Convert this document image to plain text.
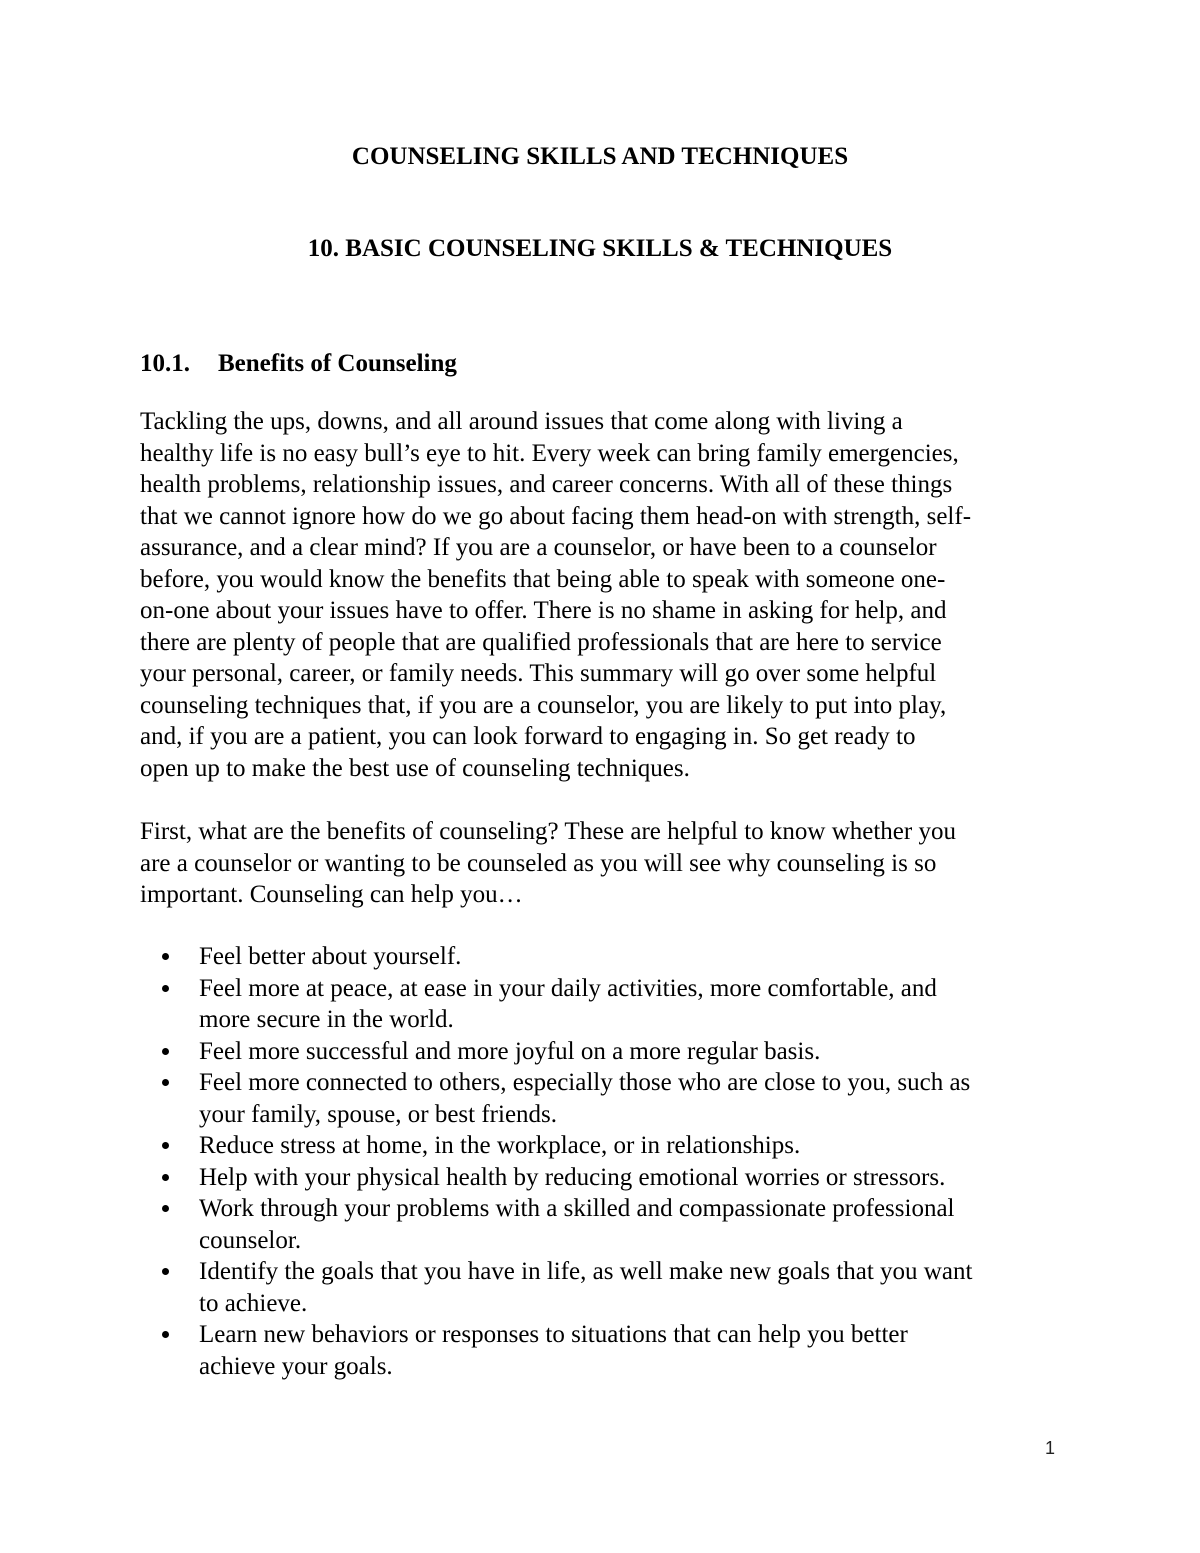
COUNSELING SKILLS AND TECHNIQUES
10. BASIC COUNSELING SKILLS & TECHNIQUES
10.1. Benefits of Counseling

Tackling the ups, downs, and all around issues that come along with living a
healthy life is no easy bull’s eye to hit. Every week can bring family emergencies,
health problems, relationship issues, and career concerns. With all of these things
that we cannot ignore how do we go about facing them head-on with strength, self-
assurance, and a clear mind? If you are a counselor, or have been to a counselor
before, you would know the benefits that being able to speak with someone one-
on-one about your issues have to offer. There is no shame in asking for help, and
there are plenty of people that are qualified professionals that are here to service
your personal, career, or family needs. This summary will go over some helpful
counseling techniques that, if you are a counselor, you are likely to put into play,
and, if you are a patient, you can look forward to engaging in. So get ready to
open up to make the best use of counseling techniques.

First, what are the benefits of counseling? These are helpful to know whether you
are a counselor or wanting to be counseled as you will see why counseling is so
important. Counseling can help you…

Feel better about yourself.
Feel more at peace, at ease in your daily activities, more comfortable, and
more secure in the world.
Feel more successful and more joyful on a more regular basis.
Feel more connected to others, especially those who are close to you, such as
your family, spouse, or best friends.
Reduce stress at home, in the workplace, or in relationships.
Help with your physical health by reducing emotional worries or stressors.
Work through your problems with a skilled and compassionate professional
counselor.
Identify the goals that you have in life, as well make new goals that you want
to achieve.
Learn new behaviors or responses to situations that can help you better
achieve your goals.
1
